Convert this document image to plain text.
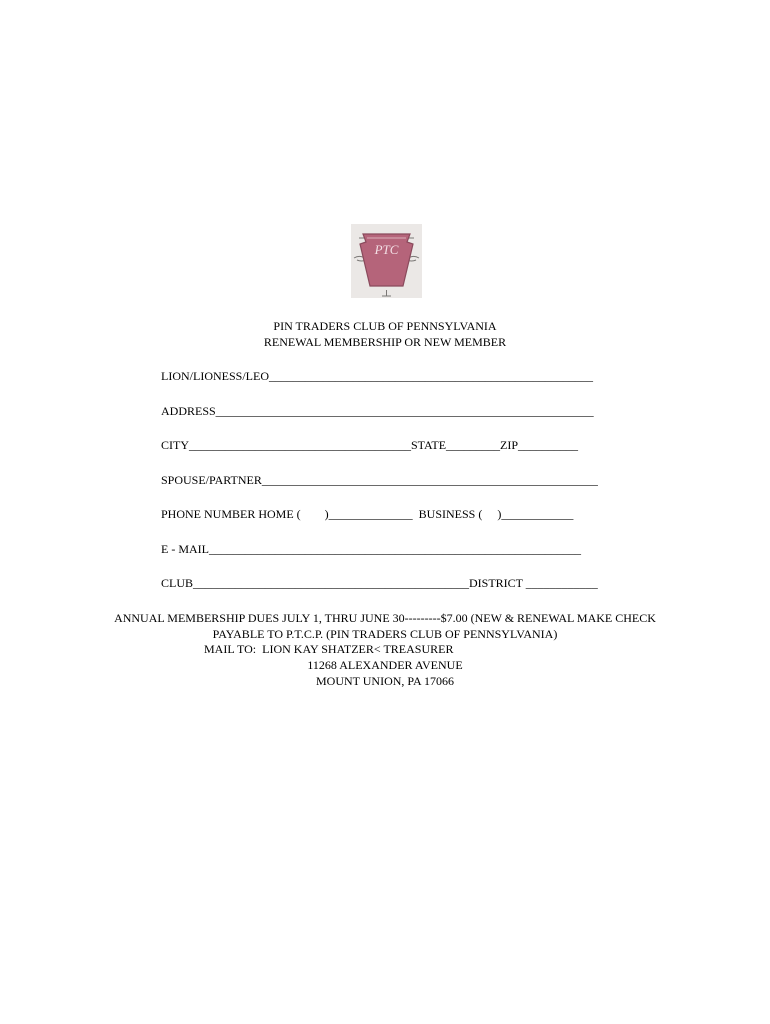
PTC
PIN TRADERS CLUB OF PENNSYLVANIA
RENEWAL MEMBERSHIP OR NEW MEMBER
LION/LIONESS/LEO______________________________________________________
ADDRESS_______________________________________________________________
CITY_____________________________________STATE_________ZIP__________
SPOUSE/PARTNER________________________________________________________
PHONE NUMBER HOME (        )______________  BUSINESS (     )____________
E - MAIL______________________________________________________________
CLUB______________________________________________DISTRICT ____________
ANNUAL MEMBERSHIP DUES JULY 1, THRU JUNE 30---------$7.00 (NEW & RENEWAL MAKE CHECK
PAYABLE TO P.T.C.P. (PIN TRADERS CLUB OF PENNSYLVANIA)
MAIL TO:  LION KAY SHATZER< TREASURER
11268 ALEXANDER AVENUE
MOUNT UNION, PA 17066
